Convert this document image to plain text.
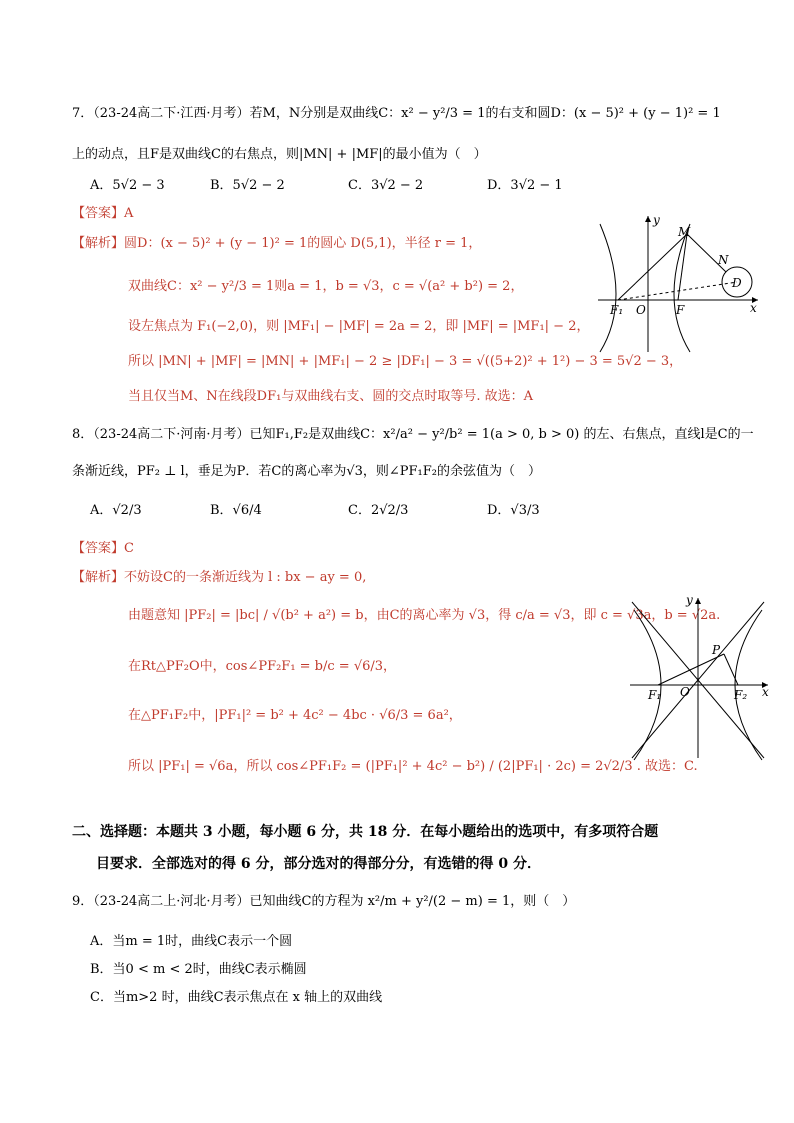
7．（23-24高二下·江西·月考）若M，N分别是双曲线C：x² − y²/3 = 1的右支和圆D：(x − 5)² + (y − 1)² = 1
上的动点，且F是双曲线C的右焦点，则|MN| + |MF|的最小值为（　）
A．5√2 − 3	B．5√2 − 2	C．3√2 − 2	D．3√2 − 1
【答案】A
【解析】圆D：(x − 5)² + (y − 1)² = 1的圆心 D(5,1)，半径 r = 1，
双曲线C：x² − y²/3 = 1则a = 1，b = √3，c = √(a² + b²) = 2，
设左焦点为 F₁(−2,0)，则 |MF₁| − |MF| = 2a = 2，即 |MF| = |MF₁| − 2，
所以 |MN| + |MF| = |MN| + |MF₁| − 2 ≥ |DF₁| − 3 = √((5+2)² + 1²) − 3 = 5√2 − 3，
当且仅当M、N在线段DF₁与双曲线右支、圆的交点时取等号. 故选：A
y
x
M
N
D
F₁ O	F
8．（23-24高二下·河南·月考）已知F₁,F₂是双曲线C：x²/a² − y²/b² = 1(a > 0, b > 0) 的左、右焦点，直线l是C的一
条渐近线，PF₂ ⊥ l，垂足为P．若C的离心率为√3，则∠PF₁F₂的余弦值为（　）
A．√2/3	B．√6/4	C．2√2/3	D．√3/3
【答案】C
【解析】不妨设C的一条渐近线为 l : bx − ay = 0,
由题意知 |PF₂| = |bc| / √(b² + a²) = b，由C的离心率为 √3，得 c/a = √3，即 c = √3a，b = √2a.
在Rt△PF₂O中，cos∠PF₂F₁ = b/c = √6/3，
在△PF₁F₂中，|PF₁|² = b² + 4c² − 4bc · √6/3 = 6a²，
所以 |PF₁| = √6a，所以 cos∠PF₁F₂ = (|PF₁|² + 4c² − b²) / (2|PF₁| · 2c) = 2√2/3 . 故选：C.
y
x
P
F₁ O	F₂
二、选择题：本题共 3 小题，每小题 6 分，共 18 分．在每小题给出的选项中，有多项符合题
目要求．全部选对的得 6 分，部分选对的得部分分，有选错的得 0 分．
9．（23-24高二上·河北·月考）已知曲线C的方程为 x²/m + y²/(2 − m) = 1，则（　）
A．当m = 1时，曲线C表示一个圆
B．当0 < m < 2时，曲线C表示椭圆
C．当m>2 时，曲线C表示焦点在 x 轴上的双曲线
